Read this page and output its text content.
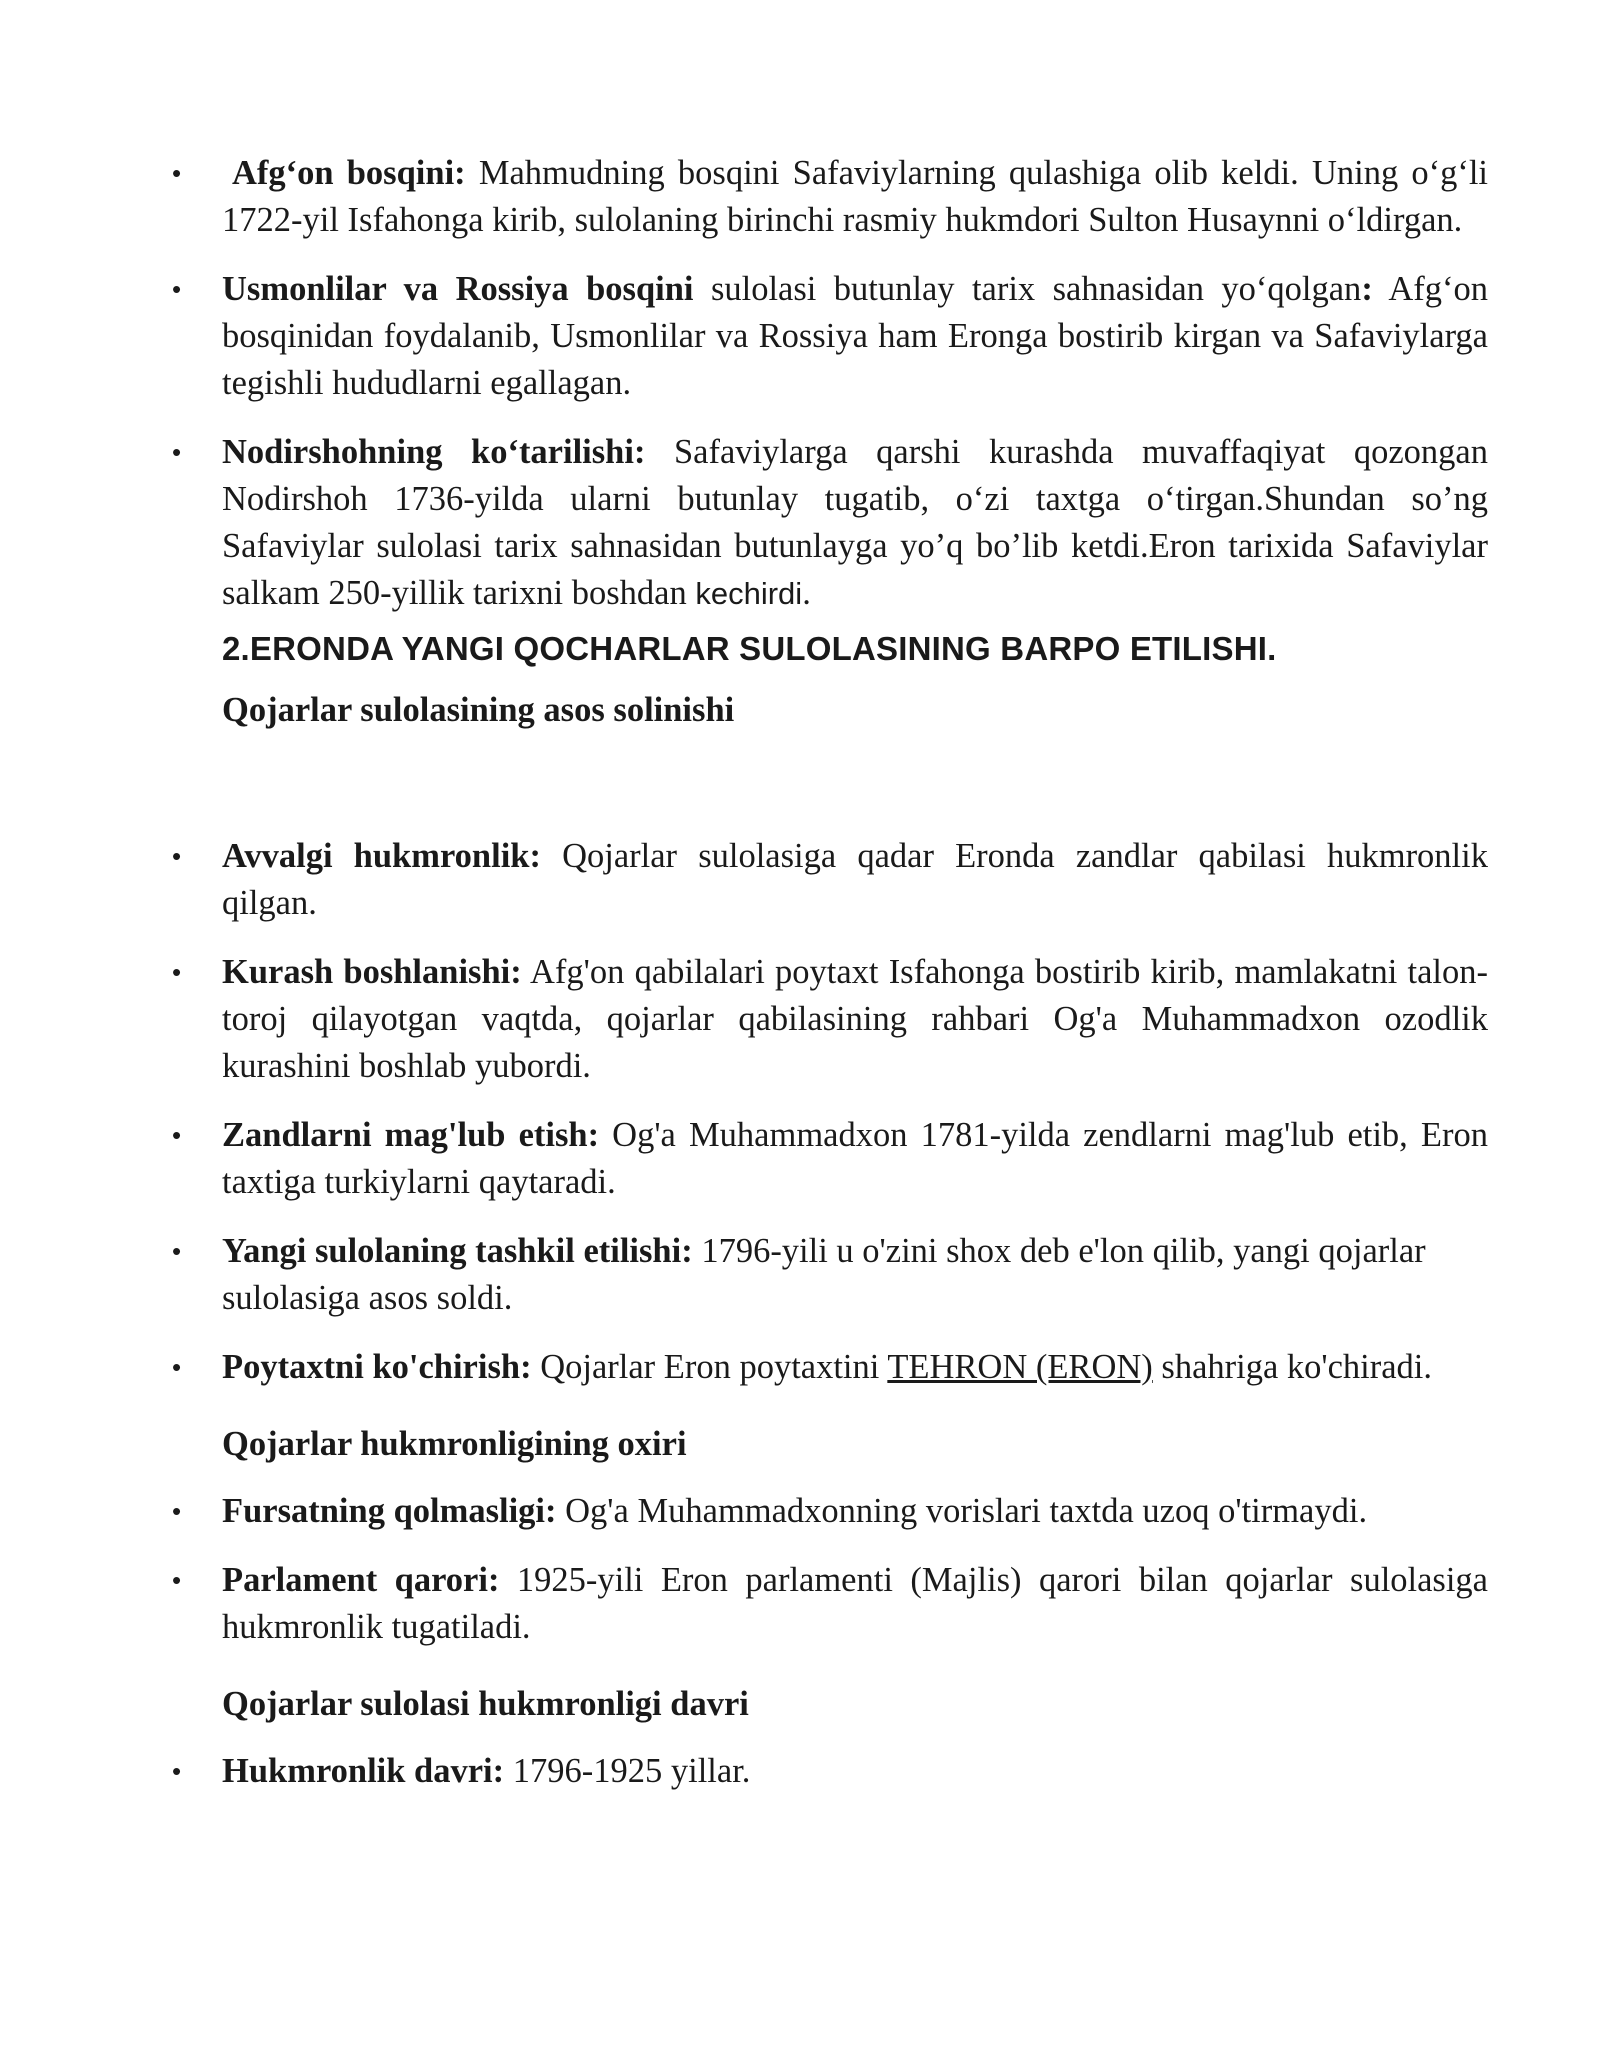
• Afg‘on bosqini: Mahmudning bosqini Safaviylarning qulashiga olib keldi. Uning o‘g‘li 1722-yil Isfahonga kirib, sulolaning birinchi rasmiy hukmdori Sulton Husaynni o‘ldirgan.

• Usmonlilar va Rossiya bosqini sulolasi butunlay tarix sahnasidan yo‘qolgan: Afg‘on bosqinidan foydalanib, Usmonlilar va Rossiya ham Eronga bostirib kirgan va Safaviylarga tegishli hududlarni egallagan.

• Nodirshohning ko‘tarilishi: Safaviylarga qarshi kurashda muvaffaqiyat qozongan Nodirshoh 1736-yilda ularni butunlay tugatib, o‘zi taxtga o‘tirgan.Shundan so’ng Safaviylar sulolasi tarix sahnasidan butunlayga yo’q bo’lib ketdi.Eron tarixida Safaviylar salkam 250-yillik tarixni boshdan kechirdi.

2.ERONDA YANGI QOCHARLAR SULOLASINING BARPO ETILISHI.

Qojarlar sulolasining asos solinishi

• Avvalgi hukmronlik: Qojarlar sulolasiga qadar Eronda zandlar qabilasi hukmronlik qilgan.

• Kurash boshlanishi: Afg'on qabilalari poytaxt Isfahonga bostirib kirib, mamlakatni talon-toroj qilayotgan vaqtda, qojarlar qabilasining rahbari Og'a Muhammadxon ozodlik kurashini boshlab yubordi.

• Zandlarni mag'lub etish: Og'a Muhammadxon 1781-yilda zendlarni mag'lub etib, Eron taxtiga turkiylarni qaytaradi.

• Yangi sulolaning tashkil etilishi: 1796-yili u o'zini shox deb e'lon qilib, yangi qojarlar sulolasiga asos soldi.

• Poytaxtni ko'chirish: Qojarlar Eron poytaxtini TEHRON (ERON) shahriga ko'chiradi.

Qojarlar hukmronligining oxiri

• Fursatning qolmasligi: Og'a Muhammadxonning vorislari taxtda uzoq o'tirmaydi.

• Parlament qarori: 1925-yili Eron parlamenti (Majlis) qarori bilan qojarlar sulolasiga hukmronlik tugatiladi.

Qojarlar sulolasi hukmronligi davri

• Hukmronlik davri: 1796-1925 yillar.
